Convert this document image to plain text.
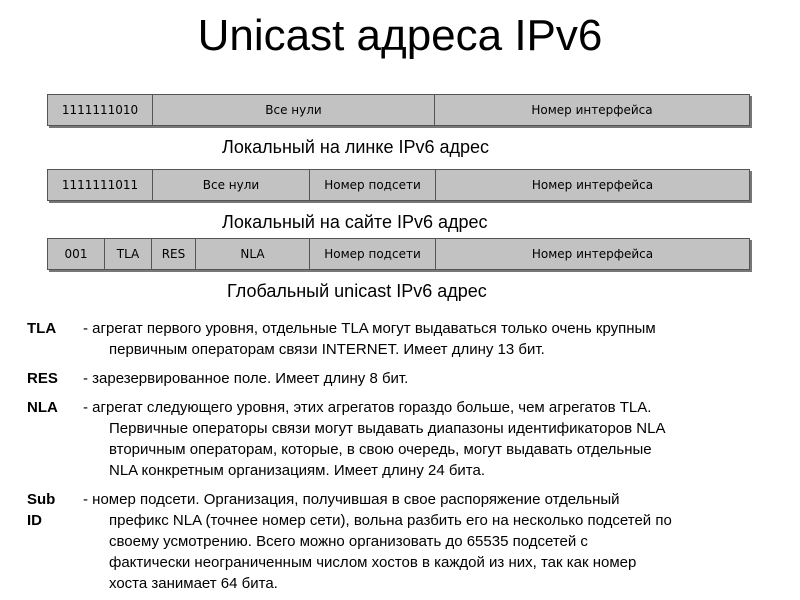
Unicast адреса IPv6
1111111010	Все нули	Номер интерфейса
Локальный на линке IPv6 адрес
1111111011	Все нули	Номер подсети	Номер интерфейса
Локальный на сайте IPv6 адрес
001	TLA	RES	NLA	Номер подсети	Номер интерфейса
Глобальный unicast IPv6 адрес
TLA	- агрегат первого уровня, отдельные TLA могут выдаваться только очень крупным
первичным операторам связи INTERNET. Имеет длину 13 бит.
RES	- зарезервированное поле. Имеет длину 8 бит.
NLA	- агрегат следующего уровня, этих агрегатов гораздо больше, чем агрегатов TLA.
Первичные операторы связи могут выдавать диапазоны идентификаторов NLA
вторичным операторам, которые, в свою очередь, могут выдавать отдельные
NLA конкретным организациям. Имеет длину 24 бита.
Sub
ID
- номер подсети. Организация, получившая в свое распоряжение отдельный
префикс NLA (точнее номер сети), вольна разбить его на несколько подсетей по
своему усмотрению. Всего можно организовать до 65535 подсетей с
фактически неограниченным числом хостов в каждой из них, так как номер
хоста занимает 64 бита.
